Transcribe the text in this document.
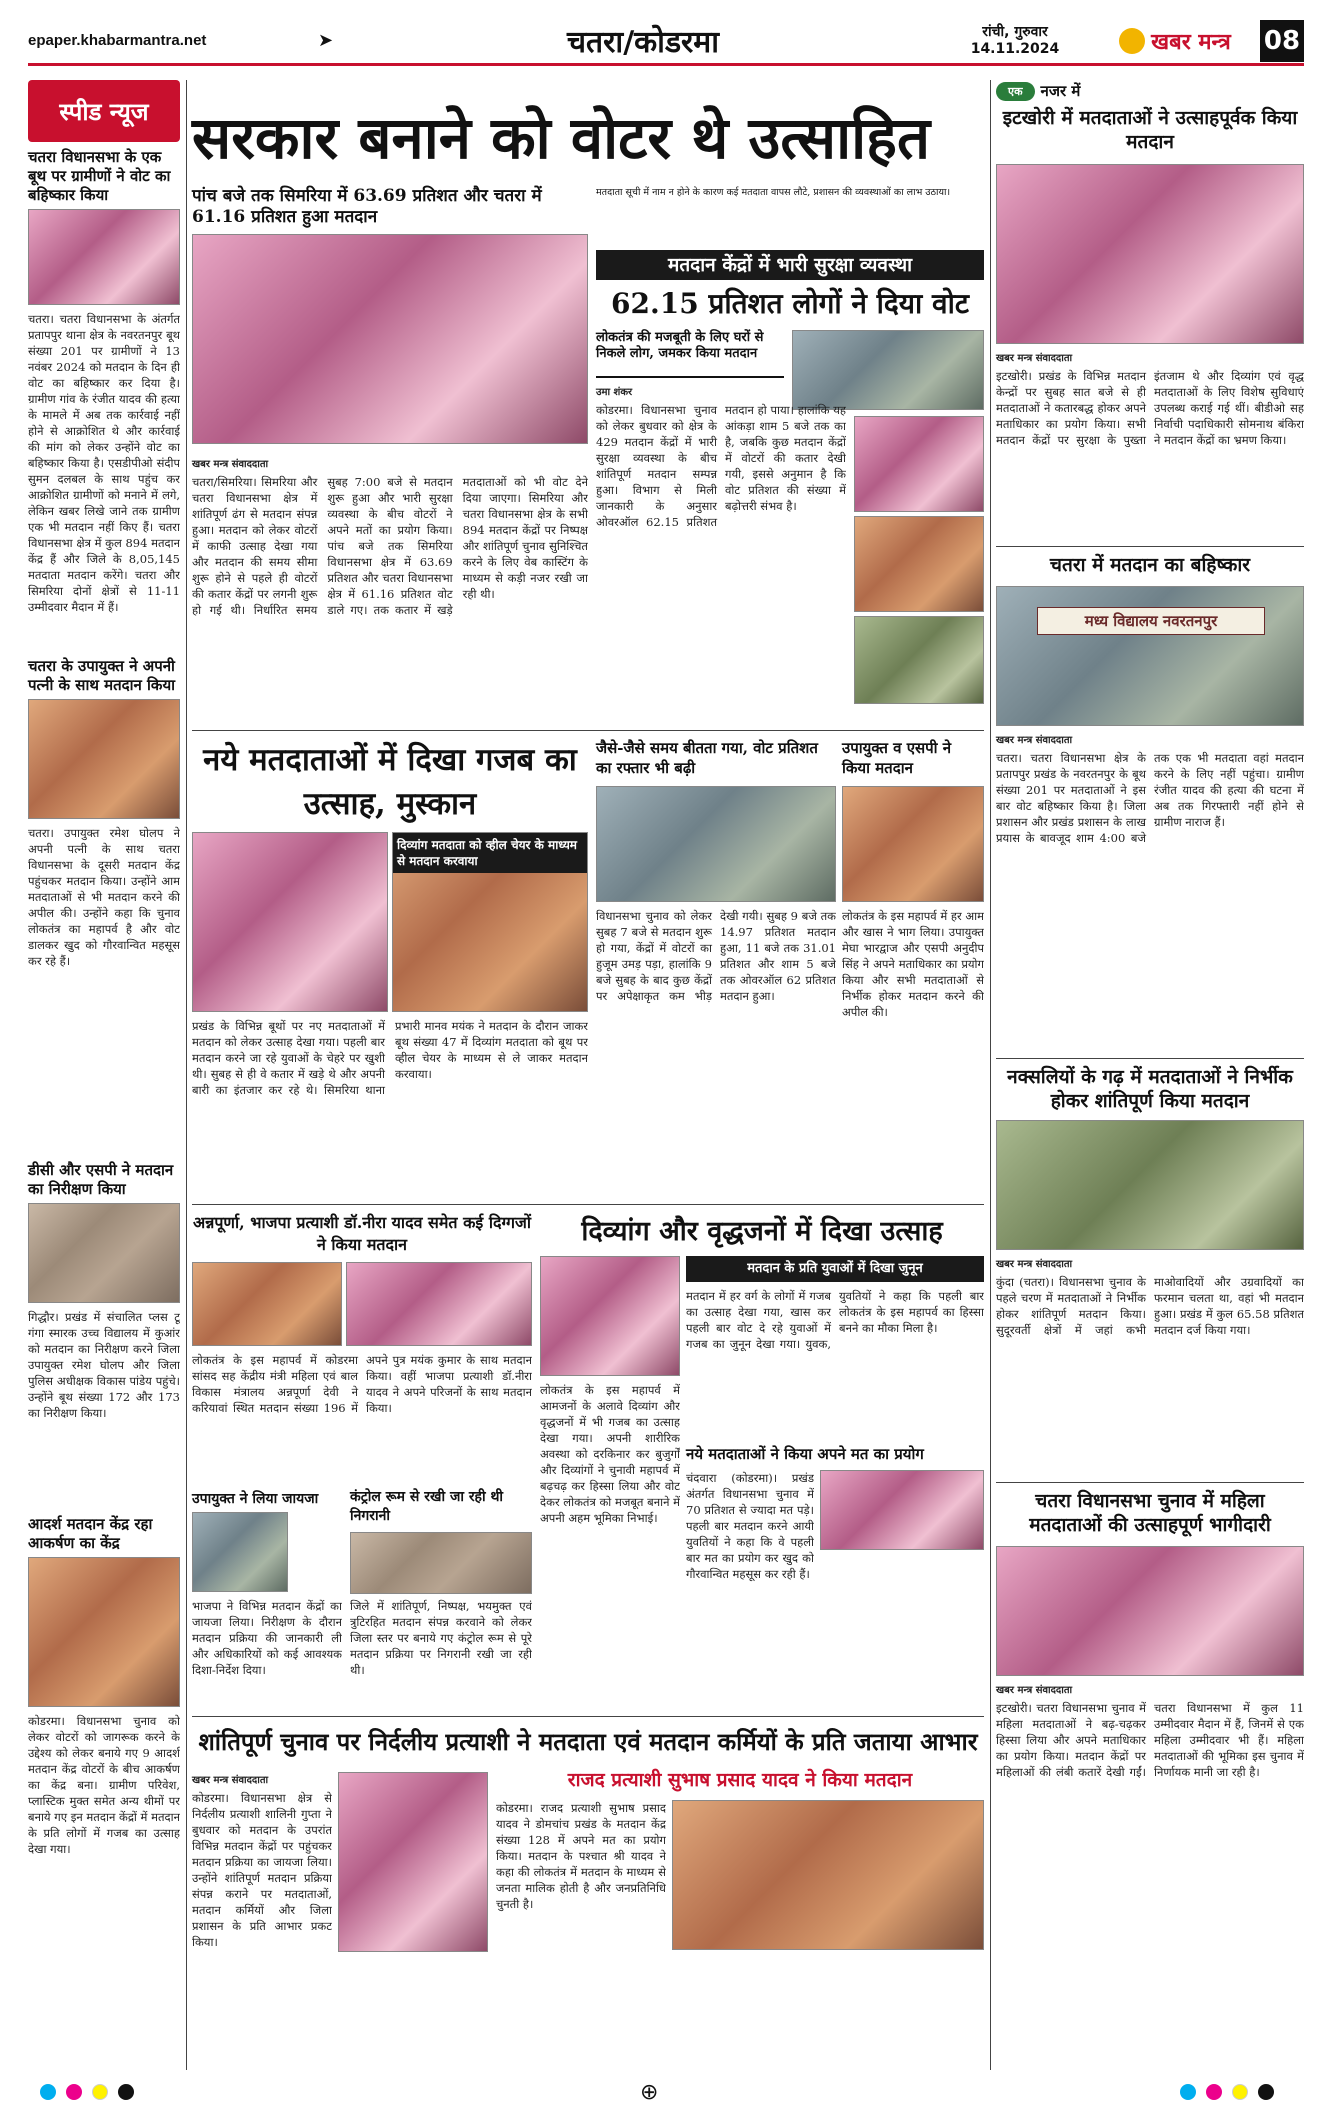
epaper.khabarmantra.net	➤	चतरा/कोडरमा	रांची, गुरुवार
14.11.2024	खबर मन्त्र 08
स्पीड न्यूज
चतरा विधानसभा के एक बूथ पर ग्रामीणों ने वोट का बहिष्कार किया
चतरा। चतरा विधानसभा के अंतर्गत प्रतापपुर थाना क्षेत्र के नवरतनपुर बूथ संख्या 201 पर ग्रामीणों ने 13 नवंबर 2024 को मतदान के दिन ही वोट का बहिष्कार कर दिया है। ग्रामीण गांव के रंजीत यादव की हत्या के मामले में अब तक कार्रवाई नहीं होने से आक्रोशित थे और कार्रवाई की मांग को लेकर उन्होंने वोट का बहिष्कार किया है। एसडीपीओ संदीप सुमन दलबल के साथ पहुंच कर आक्रोशित ग्रामीणों को मनाने में लगे, लेकिन खबर लिखे जाने तक ग्रामीण एक भी मतदान नहीं किए हैं। चतरा विधानसभा क्षेत्र में कुल 894 मतदान केंद्र हैं और जिले के 8,05,145 मतदाता मतदान करेंगे। चतरा और सिमरिया दोनों क्षेत्रों से 11-11 उम्मीदवार मैदान में हैं।
चतरा के उपायुक्त ने अपनी पत्नी के साथ मतदान किया
चतरा। उपायुक्त रमेश घोलप ने अपनी पत्नी के साथ चतरा विधानसभा के दूसरी मतदान केंद्र पहुंचकर मतदान किया। उन्होंने आम मतदाताओं से भी मतदान करने की अपील की। उन्होंने कहा कि चुनाव लोकतंत्र का महापर्व है और वोट डालकर खुद को गौरवान्वित महसूस कर रहे हैं।
डीसी और एसपी ने मतदान का निरीक्षण किया
गिद्धौर। प्रखंड में संचालित प्लस टू गंगा स्मारक उच्च विद्यालय में कुआंर को मतदान का निरीक्षण करने जिला उपायुक्त रमेश घोलप और जिला पुलिस अधीक्षक विकास पांडेय पहुंचे। उन्होंने बूथ संख्या 172 और 173 का निरीक्षण किया।
आदर्श मतदान केंद्र रहा आकर्षण का केंद्र
कोडरमा। विधानसभा चुनाव को लेकर वोटरों को जागरूक करने के उद्देश्य को लेकर बनाये गए 9 आदर्श मतदान केंद्र वोटरों के बीच आकर्षण का केंद्र बना। ग्रामीण परिवेश, प्लास्टिक मुक्त समेत अन्य थीमों पर बनाये गए इन मतदान केंद्रों में मतदान के प्रति लोगों में गजब का उत्साह देखा गया।
सरकार बनाने को वोटर थे उत्साहित
पांच बजे तक सिमरिया में 63.69 प्रतिशत और चतरा में 61.16 प्रतिशत हुआ मतदान
खबर मन्त्र संवाददाता
चतरा/सिमरिया। सिमरिया और चतरा विधानसभा क्षेत्र में शांतिपूर्ण ढंग से मतदान संपन्न हुआ। मतदान को लेकर वोटरों में काफी उत्साह देखा गया और मतदान की समय सीमा शुरू होने से पहले ही वोटरों की कतार केंद्रों पर लगनी शुरू हो गई थी। निर्धारित समय सुबह 7:00 बजे से मतदान शुरू हुआ और भारी सुरक्षा व्यवस्था के बीच वोटरों ने अपने मतों का प्रयोग किया। पांच बजे तक सिमरिया विधानसभा क्षेत्र में 63.69 प्रतिशत और चतरा विधानसभा क्षेत्र में 61.16 प्रतिशत वोट डाले गए। तक कतार में खड़े मतदाताओं को भी वोट देने दिया जाएगा। सिमरिया और चतरा विधानसभा क्षेत्र के सभी 894 मतदान केंद्रों पर निष्पक्ष और शांतिपूर्ण चुनाव सुनिश्चित करने के लिए वेब कास्टिंग के माध्यम से कड़ी नजर रखी जा रही थी।
मतदाता सूची में नाम न होने के कारण कई मतदाता वापस लौटे, प्रशासन की व्यवस्थाओं का लाभ उठाया।
मतदान केंद्रों में भारी सुरक्षा व्यवस्था
62.15 प्रतिशत लोगों ने दिया वोट
लोकतंत्र की मजबूती के लिए घरों से निकले लोग, जमकर किया मतदान
उमा शंकर
कोडरमा। विधानसभा चुनाव को लेकर बुधवार को क्षेत्र के 429 मतदान केंद्रों में भारी सुरक्षा व्यवस्था के बीच शांतिपूर्ण मतदान सम्पन्न हुआ। विभाग से मिली जानकारी के अनुसार ओवरऑल 62.15 प्रतिशत मतदान हो पाया। हालांकि यह आंकड़ा शाम 5 बजे तक का है, जबकि कुछ मतदान केंद्रों में वोटरों की कतार देखी गयी, इससे अनुमान है कि वोट प्रतिशत की संख्या में बढ़ोत्तरी संभव है।
नये मतदाताओं में दिखा गजब का उत्साह, मुस्कान
दिव्यांग मतदाता को व्हील चेयर के माध्यम से मतदान करवाया
प्रखंड के विभिन्न बूथों पर नए मतदाताओं में मतदान को लेकर उत्साह देखा गया। पहली बार मतदान करने जा रहे युवाओं के चेहरे पर खुशी थी। सुबह से ही वे कतार में खड़े थे और अपनी बारी का इंतजार कर रहे थे। सिमरिया थाना प्रभारी मानव मयंक ने मतदान के दौरान जाकर बूथ संख्या 47 में दिव्यांग मतदाता को बूथ पर व्हील चेयर के माध्यम से ले जाकर मतदान करवाया।
जैसे-जैसे समय बीतता गया, वोट प्रतिशत का रफ्तार भी बढ़ी
विधानसभा चुनाव को लेकर सुबह 7 बजे से मतदान शुरू हो गया, केंद्रों में वोटरों का हुजूम उमड़ पड़ा, हालांकि 9 बजे सुबह के बाद कुछ केंद्रों पर अपेक्षाकृत कम भीड़ देखी गयी। सुबह 9 बजे तक 14.97 प्रतिशत मतदान हुआ, 11 बजे तक 31.01 प्रतिशत और शाम 5 बजे तक ओवरऑल 62 प्रतिशत मतदान हुआ।
उपायुक्त व एसपी ने किया मतदान
लोकतंत्र के इस महापर्व में हर आम और खास ने भाग लिया। उपायुक्त मेघा भारद्वाज और एसपी अनुदीप सिंह ने अपने मताधिकार का प्रयोग किया और सभी मतदाताओं से निर्भीक होकर मतदान करने की अपील की।
अन्नपूर्णा, भाजपा प्रत्याशी डॉ.नीरा यादव समेत कई दिग्गजों ने किया मतदान
लोकतंत्र के इस महापर्व में कोडरमा सांसद सह केंद्रीय मंत्री महिला एवं बाल विकास मंत्रालय अन्नपूर्णा देवी ने करियावां स्थित मतदान संख्या 196 में अपने पुत्र मयंक कुमार के साथ मतदान किया। वहीं भाजपा प्रत्याशी डॉ.नीरा यादव ने अपने परिजनों के साथ मतदान किया।
उपायुक्त ने लिया जायजा
भाजपा ने विभिन्न मतदान केंद्रों का जायजा लिया। निरीक्षण के दौरान मतदान प्रक्रिया की जानकारी ली और अधिकारियों को कई आवश्यक दिशा-निर्देश दिया।
कंट्रोल रूम से रखी जा रही थी निगरानी
जिले में शांतिपूर्ण, निष्पक्ष, भयमुक्त एवं त्रुटिरहित मतदान संपन्न करवाने को लेकर जिला स्तर पर बनाये गए कंट्रोल रूम से पूरे मतदान प्रक्रिया पर निगरानी रखी जा रही थी।
दिव्यांग और वृद्धजनों में दिखा उत्साह
मतदान के प्रति युवाओं में दिखा जुनून
मतदान में हर वर्ग के लोगों में गजब का उत्साह देखा गया, खास कर पहली बार वोट दे रहे युवाओं में गजब का जुनून देखा गया। युवक, युवतियों ने कहा कि पहली बार लोकतंत्र के इस महापर्व का हिस्सा बनने का मौका मिला है।
लोकतंत्र के इस महापर्व में आमजनों के अलावे दिव्यांग और वृद्धजनों में भी गजब का उत्साह देखा गया। अपनी शारीरिक अवस्था को दरकिनार कर बुजुर्गों और दिव्यांगों ने चुनावी महापर्व में बढ़चढ़ कर हिस्सा लिया और वोट देकर लोकतंत्र को मजबूत बनाने में अपनी अहम भूमिका निभाई।
नये मतदाताओं ने किया अपने मत का प्रयोग
चंदवारा (कोडरमा)। प्रखंड अंतर्गत विधानसभा चुनाव में 70 प्रतिशत से ज्यादा मत पड़े। पहली बार मतदान करने आयी युवतियों ने कहा कि वे पहली बार मत का प्रयोग कर खुद को गौरवान्वित महसूस कर रही हैं।
शांतिपूर्ण चुनाव पर निर्दलीय प्रत्याशी ने मतदाता एवं मतदान कर्मियों के प्रति जताया आभार
खबर मन्त्र संवाददाता
कोडरमा। विधानसभा क्षेत्र से निर्दलीय प्रत्याशी शालिनी गुप्ता ने बुधवार को मतदान के उपरांत विभिन्न मतदान केंद्रों पर पहुंचकर मतदान प्रक्रिया का जायजा लिया। उन्होंने शांतिपूर्ण मतदान प्रक्रिया संपन्न कराने पर मतदाताओं, मतदान कर्मियों और जिला प्रशासन के प्रति आभार प्रकट किया।
राजद प्रत्याशी सुभाष प्रसाद यादव ने किया मतदान
कोडरमा। राजद प्रत्याशी सुभाष प्रसाद यादव ने डोमचांच प्रखंड के मतदान केंद्र संख्या 128 में अपने मत का प्रयोग किया। मतदान के पश्चात श्री यादव ने कहा की लोकतंत्र में मतदान के माध्यम से जनता मालिक होती है और जनप्रतिनिधि चुनती है।
एक	नजर में
इटखोरी में मतदाताओं ने उत्साहपूर्वक किया मतदान
खबर मन्त्र संवाददाता
इटखोरी। प्रखंड के विभिन्न मतदान केन्द्रों पर सुबह सात बजे से ही मतदाताओं ने कतारबद्ध होकर अपने मताधिकार का प्रयोग किया। सभी मतदान केंद्रों पर सुरक्षा के पुख्ता इंतजाम थे और दिव्यांग एवं वृद्ध मतदाताओं के लिए विशेष सुविधाएं उपलब्ध कराई गई थीं। बीडीओ सह निर्वाची पदाधिकारी सोमनाथ बंकिरा ने मतदान केंद्रों का भ्रमण किया।
चतरा में मतदान का बहिष्कार
मध्य विद्यालय नवरतनपुर
खबर मन्त्र संवाददाता
चतरा। चतरा विधानसभा क्षेत्र के प्रतापपुर प्रखंड के नवरतनपुर के बूथ संख्या 201 पर मतदाताओं ने इस बार वोट बहिष्कार किया है। जिला प्रशासन और प्रखंड प्रशासन के लाख प्रयास के बावजूद शाम 4:00 बजे तक एक भी मतदाता वहां मतदान करने के लिए नहीं पहुंचा। ग्रामीण रंजीत यादव की हत्या की घटना में अब तक गिरफ्तारी नहीं होने से ग्रामीण नाराज हैं।
नक्सलियों के गढ़ में मतदाताओं ने निर्भीक होकर शांतिपूर्ण किया मतदान
खबर मन्त्र संवाददाता
कुंदा (चतरा)। विधानसभा चुनाव के पहले चरण में मतदाताओं ने निर्भीक होकर शांतिपूर्ण मतदान किया। सुदूरवर्ती क्षेत्रों में जहां कभी माओवादियों और उग्रवादियों का फरमान चलता था, वहां भी मतदान हुआ। प्रखंड में कुल 65.58 प्रतिशत मतदान दर्ज किया गया।
चतरा विधानसभा चुनाव में महिला मतदाताओं की उत्साहपूर्ण भागीदारी
खबर मन्त्र संवाददाता
इटखोरी। चतरा विधानसभा चुनाव में महिला मतदाताओं ने बढ़-चढ़कर हिस्सा लिया और अपने मताधिकार का प्रयोग किया। मतदान केंद्रों पर महिलाओं की लंबी कतारें देखी गईं। चतरा विधानसभा में कुल 11 उम्मीदवार मैदान में हैं, जिनमें से एक महिला उम्मीदवार भी हैं। महिला मतदाताओं की भूमिका इस चुनाव में निर्णायक मानी जा रही है।
⊕
